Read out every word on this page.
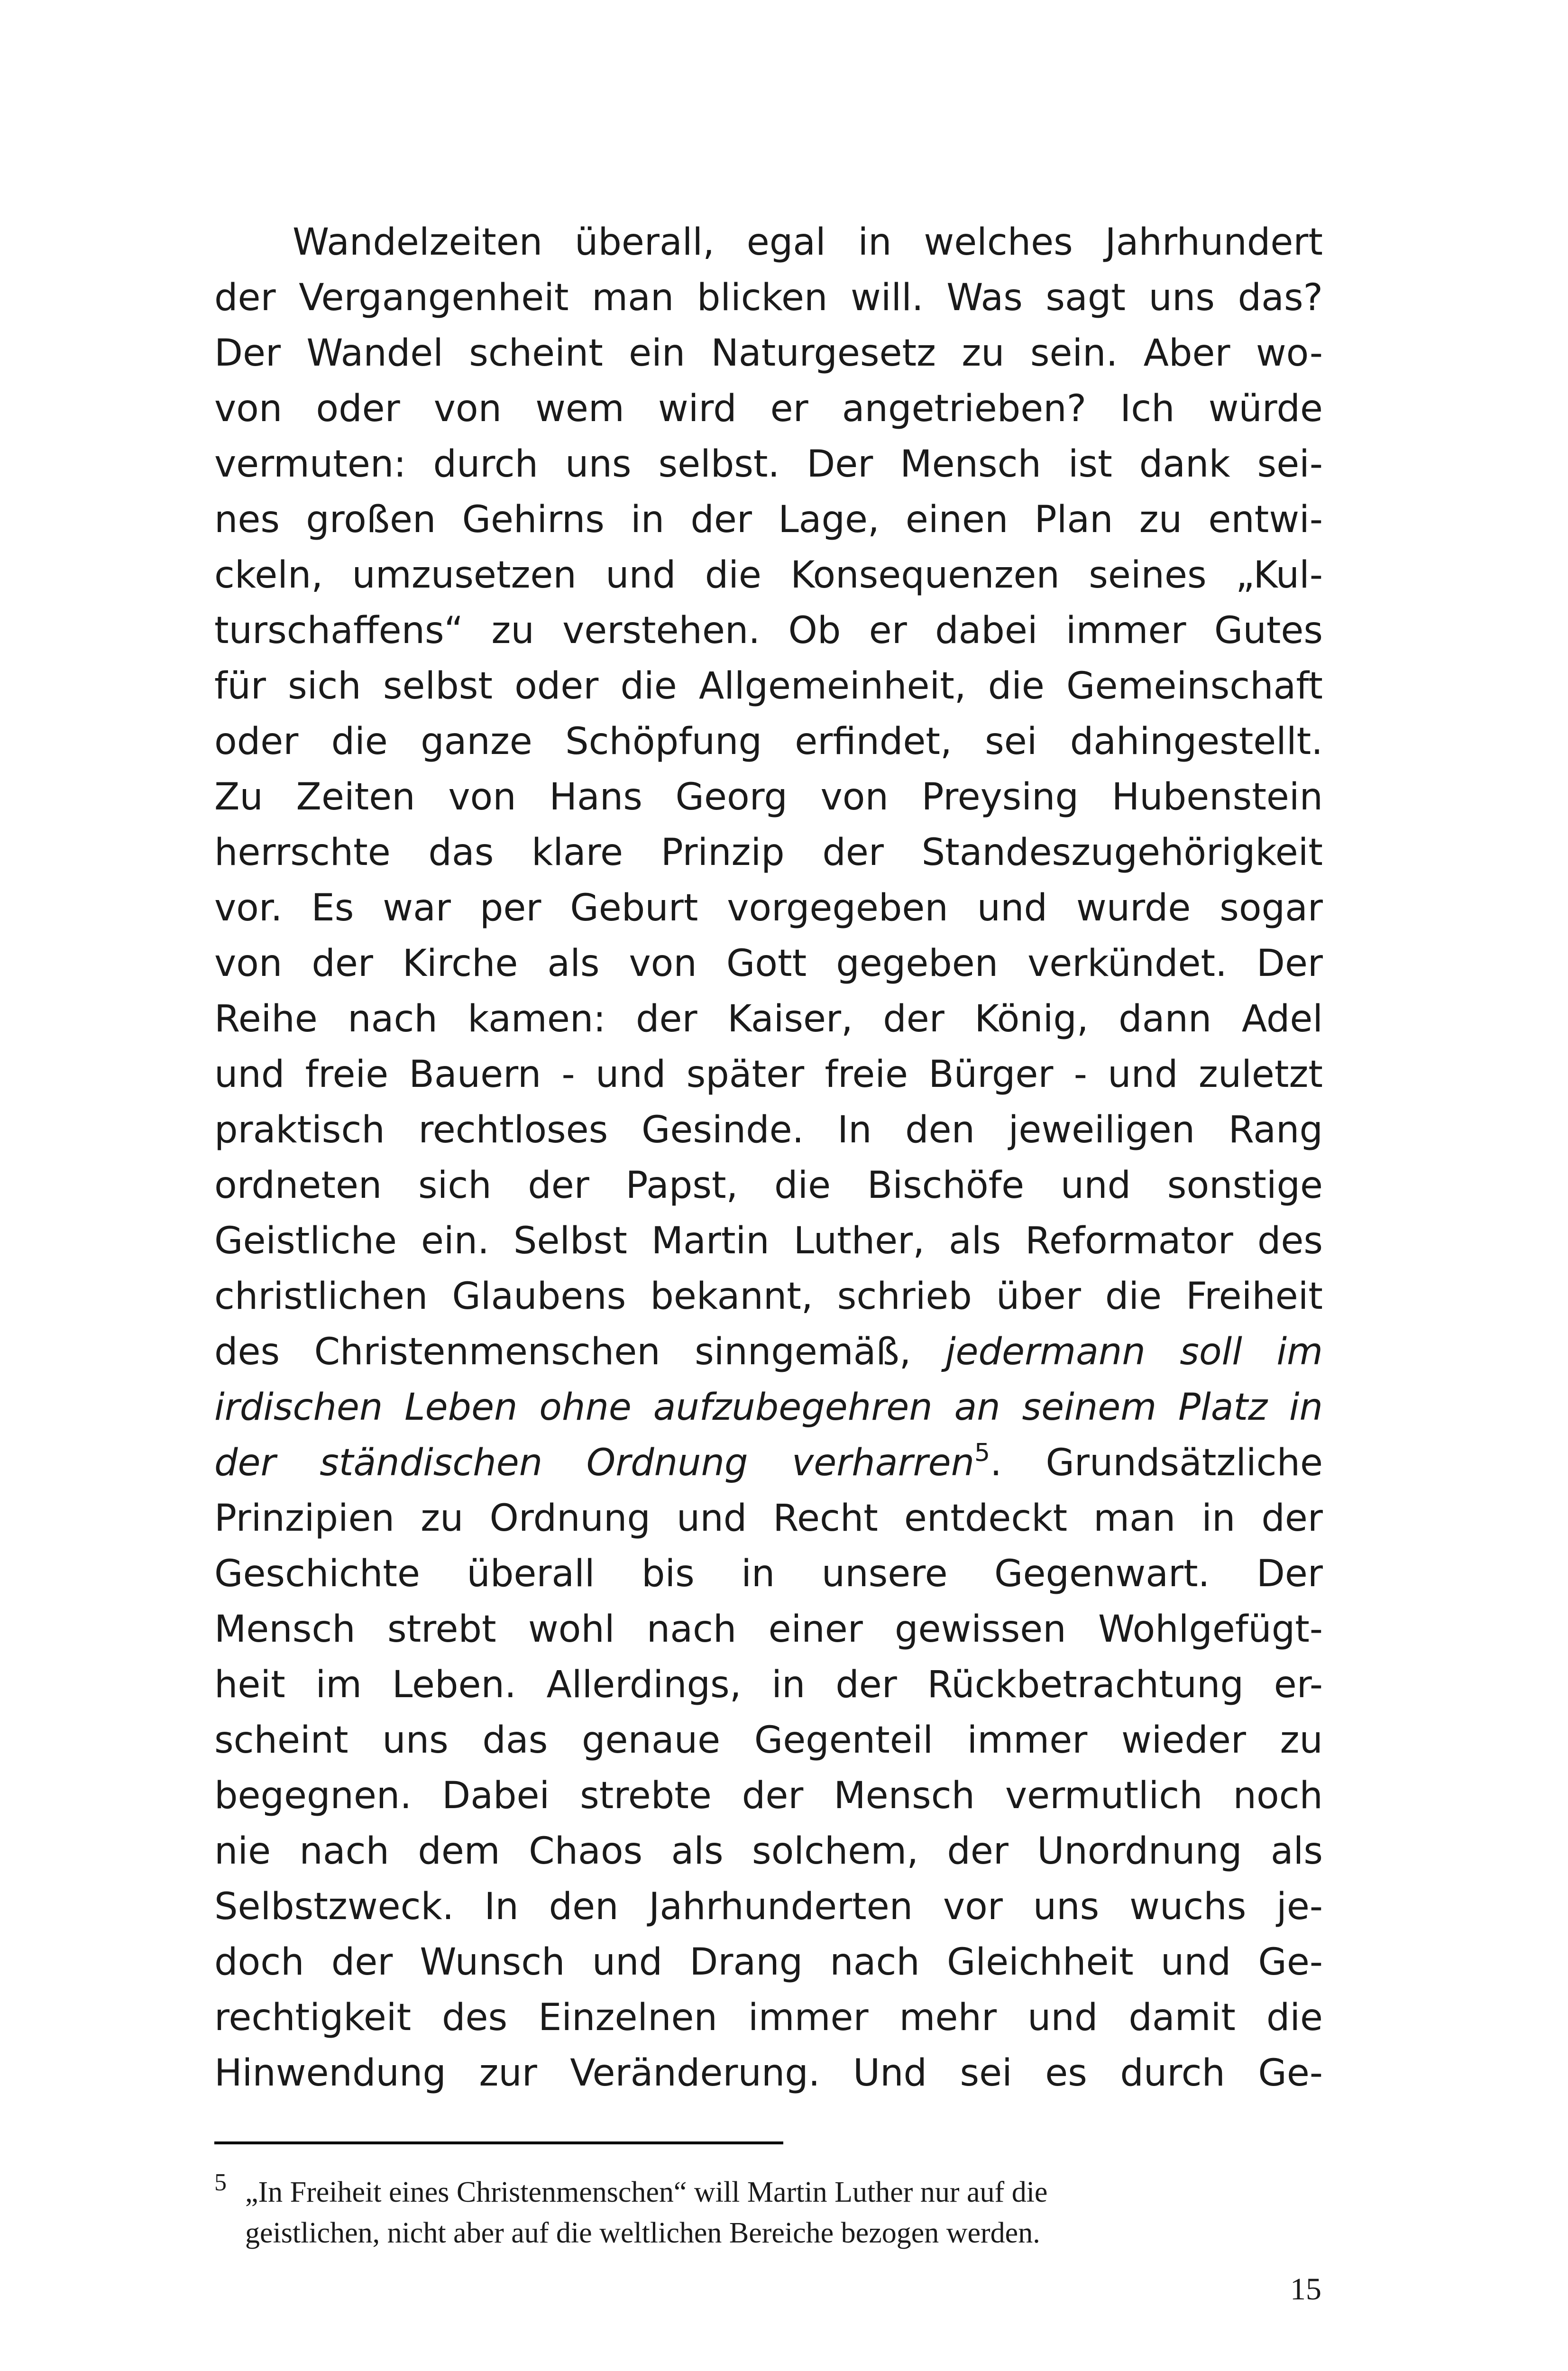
Wandelzeiten überall, egal in welches Jahrhundert
der Vergangenheit man blicken will. Was sagt uns das?
Der Wandel scheint ein Naturgesetz zu sein. Aber wo-
von oder von wem wird er angetrieben? Ich würde
vermuten: durch uns selbst. Der Mensch ist dank sei-
nes großen Gehirns in der Lage, einen Plan zu entwi-
ckeln, umzusetzen und die Konsequenzen seines „Kul-
turschaffens“ zu verstehen. Ob er dabei immer Gutes
für sich selbst oder die Allgemeinheit, die Gemeinschaft
oder die ganze Schöpfung erfindet, sei dahingestellt.
Zu Zeiten von Hans Georg von Preysing Hubenstein
herrschte das klare Prinzip der Standeszugehörigkeit
vor. Es war per Geburt vorgegeben und wurde sogar
von der Kirche als von Gott gegeben verkündet. Der
Reihe nach kamen: der Kaiser, der König, dann Adel
und freie Bauern - und später freie Bürger - und zuletzt
praktisch rechtloses Gesinde. In den jeweiligen Rang
ordneten sich der Papst, die Bischöfe und sonstige
Geistliche ein. Selbst Martin Luther, als Reformator des
christlichen Glaubens bekannt, schrieb über die Freiheit
des Christenmenschen sinngemäß, jedermann soll im
irdischen Leben ohne aufzubegehren an seinem Platz in
der ständischen Ordnung verharren$^5$. Grundsätzliche
Prinzipien zu Ordnung und Recht entdeckt man in der
Geschichte überall bis in unsere Gegenwart. Der
Mensch strebt wohl nach einer gewissen Wohlgefügt-
heit im Leben. Allerdings, in der Rückbetrachtung er-
scheint uns das genaue Gegenteil immer wieder zu
begegnen. Dabei strebte der Mensch vermutlich noch
nie nach dem Chaos als solchem, der Unordnung als
Selbstzweck. In den Jahrhunderten vor uns wuchs je-
doch der Wunsch und Drang nach Gleichheit und Ge-
rechtigkeit des Einzelnen immer mehr und damit die
Hinwendung zur Veränderung. Und sei es durch Ge-
5 „In Freiheit eines Christenmenschen“ will Martin Luther nur auf die
geistlichen, nicht aber auf die weltlichen Bereiche bezogen werden.
15
